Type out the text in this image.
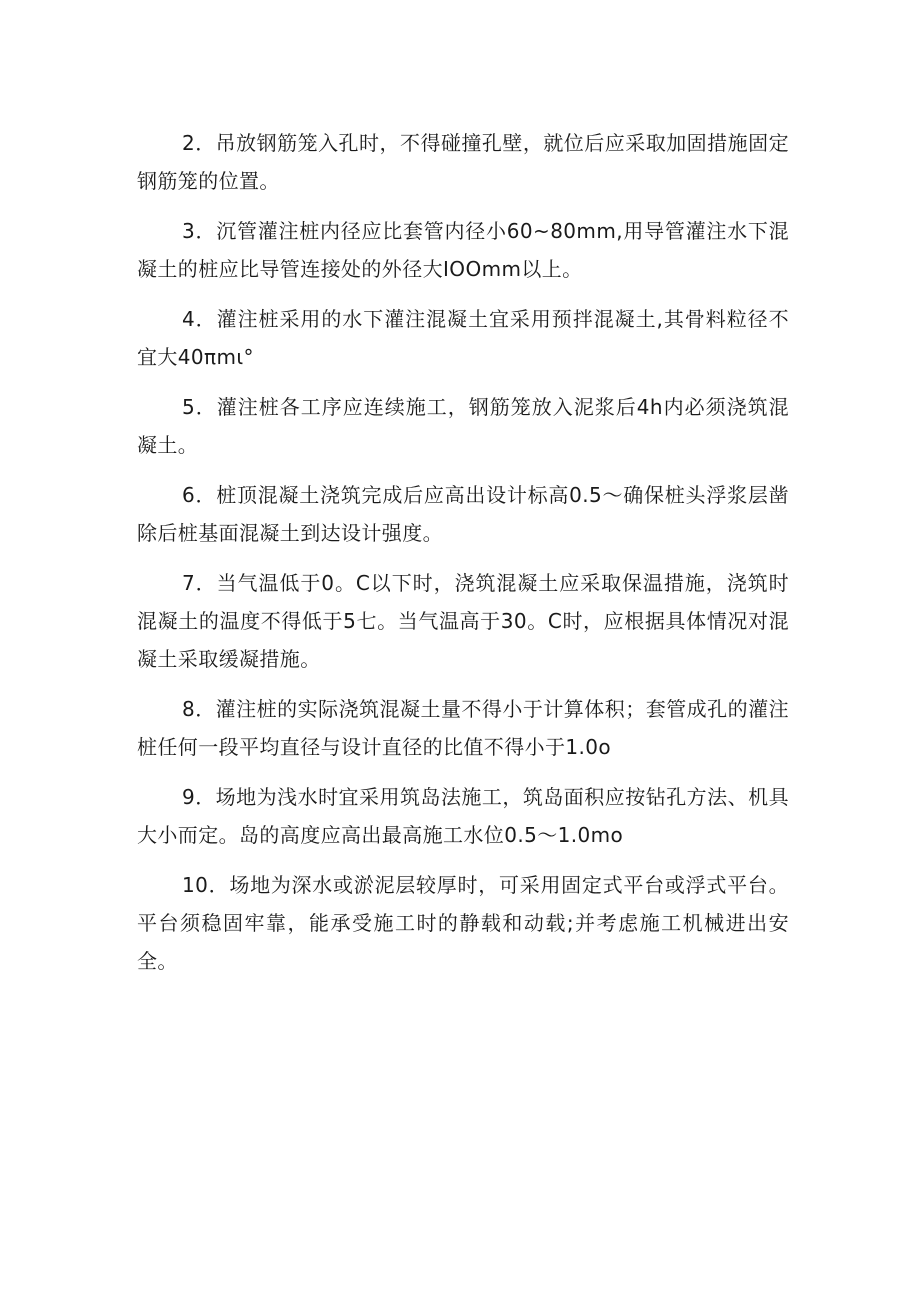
2．吊放钢筋笼入孔时，不得碰撞孔壁，就位后应采取加固措施固定钢筋笼的位置。

3．沉管灌注桩内径应比套管内径小60~80mm,用导管灌注水下混凝土的桩应比导管连接处的外径大IOOmm以上。

4．灌注桩采用的水下灌注混凝土宜采用预拌混凝土,其骨料粒径不宜大40πmι°

5．灌注桩各工序应连续施工，钢筋笼放入泥浆后4h内必须浇筑混凝土。

6．桩顶混凝土浇筑完成后应高出设计标高0.5～确保桩头浮浆层凿除后桩基面混凝土到达设计强度。

7．当气温低于0。C以下时，浇筑混凝土应采取保温措施，浇筑时混凝土的温度不得低于5七。当气温高于30。C时，应根据具体情况对混凝土采取缓凝措施。

8．灌注桩的实际浇筑混凝土量不得小于计算体积；套管成孔的灌注桩任何一段平均直径与设计直径的比值不得小于1.0o

9．场地为浅水时宜采用筑岛法施工，筑岛面积应按钻孔方法、机具大小而定。岛的高度应高出最高施工水位0.5～1.0mo

10．场地为深水或淤泥层较厚时，可采用固定式平台或浮式平台。平台须稳固牢靠，能承受施工时的静载和动载;并考虑施工机械进出安全。
